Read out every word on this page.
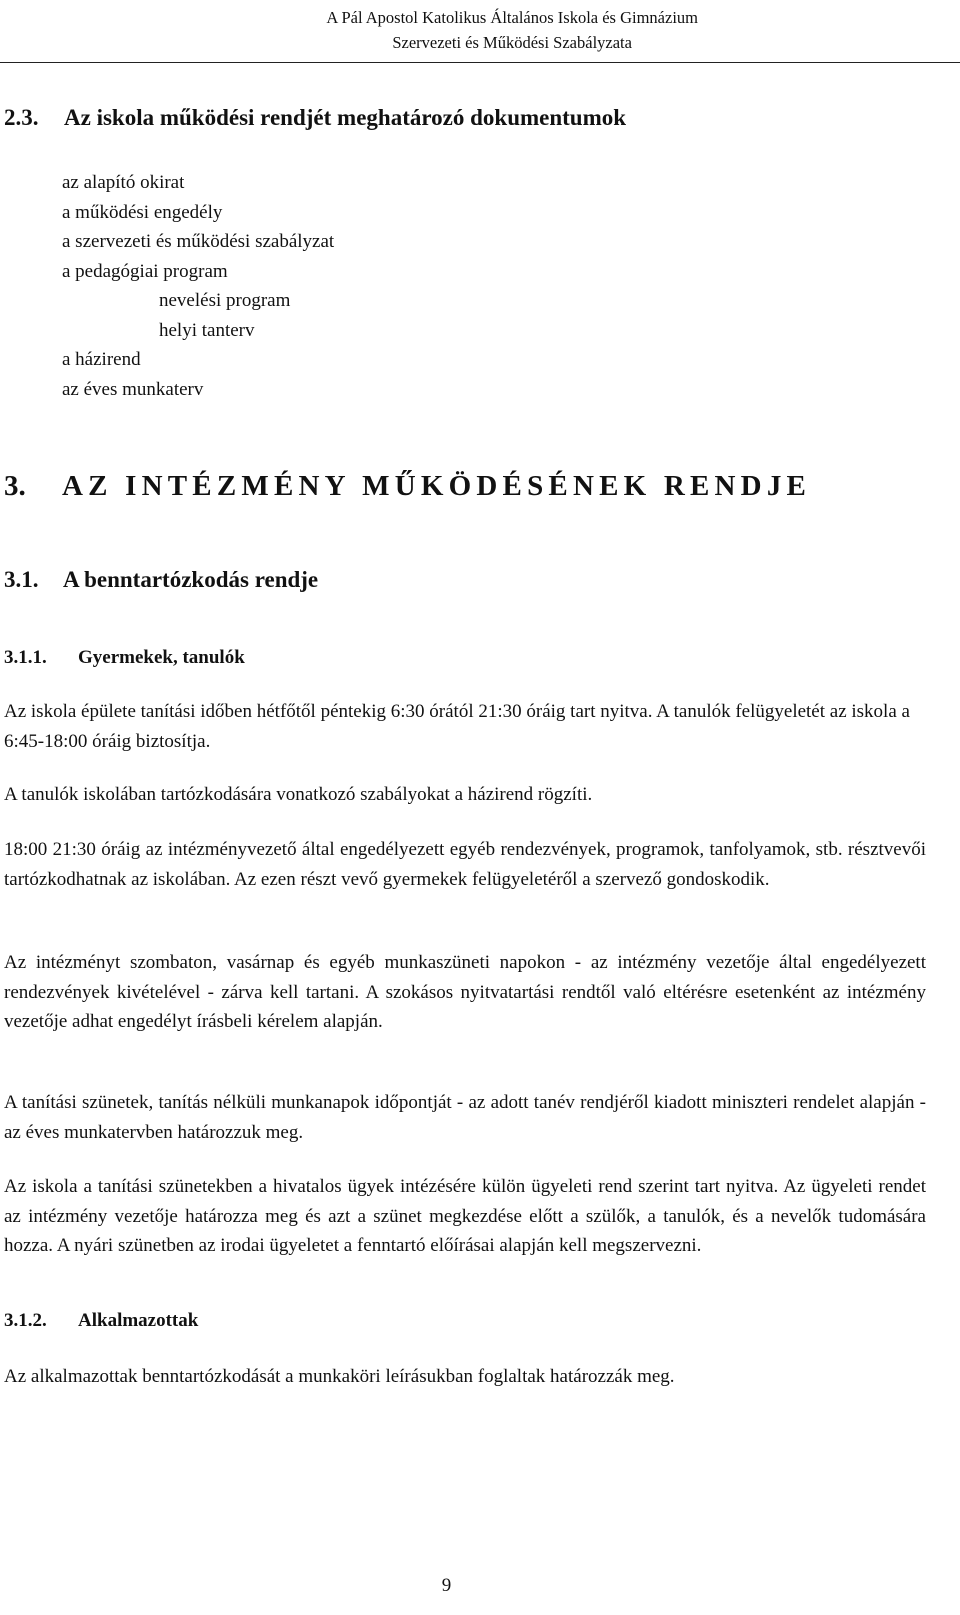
A Pál Apostol Katolikus Általános Iskola és Gimnázium
Szervezeti és Működési Szabályzata
2.3. Az iskola működési rendjét meghatározó dokumentumok
az alapító okirat
a működési engedély
a szervezeti és működési szabályzat
a pedagógiai program
nevelési program
helyi tanterv
a házirend
az éves munkaterv
3. AZ INTÉZMÉNY MŰKÖDÉSÉNEK RENDJE
3.1. A benntartózkodás rendje
3.1.1. Gyermekek, tanulók
Az iskola épülete tanítási időben hétfőtől péntekig 6:30 órától 21:30 óráig tart nyitva. A tanulók felügyeletét az iskola a 6:45-18:00 óráig biztosítja.
A tanulók iskolában tartózkodására vonatkozó szabályokat a házirend rögzíti.
18:00 21:30 óráig az intézményvezető által engedélyezett egyéb rendezvények, programok, tanfolyamok, stb. résztvevői tartózkodhatnak az iskolában. Az ezen részt vevő gyermekek felügyeletéről a szervező gondoskodik.
Az intézményt szombaton, vasárnap és egyéb munkaszüneti napokon - az intézmény vezetője által engedélyezett rendezvények kivételével - zárva kell tartani. A szokásos nyitvatartási rendtől való eltérésre esetenként az intézmény vezetője adhat engedélyt írásbeli kérelem alapján.
A tanítási szünetek, tanítás nélküli munkanapok időpontját - az adott tanév rendjéről kiadott miniszteri rendelet alapján - az éves munkatervben határozzuk meg.
Az iskola a tanítási szünetekben a hivatalos ügyek intézésére külön ügyeleti rend szerint tart nyitva. Az ügyeleti rendet az intézmény vezetője határozza meg és azt a szünet megkezdése előtt a szülők, a tanulók, és a nevelők tudomására hozza. A nyári szünetben az irodai ügyeletet a fenntartó előírásai alapján kell megszervezni.
3.1.2. Alkalmazottak
Az alkalmazottak benntartózkodását a munkaköri leírásukban foglaltak határozzák meg.
9
